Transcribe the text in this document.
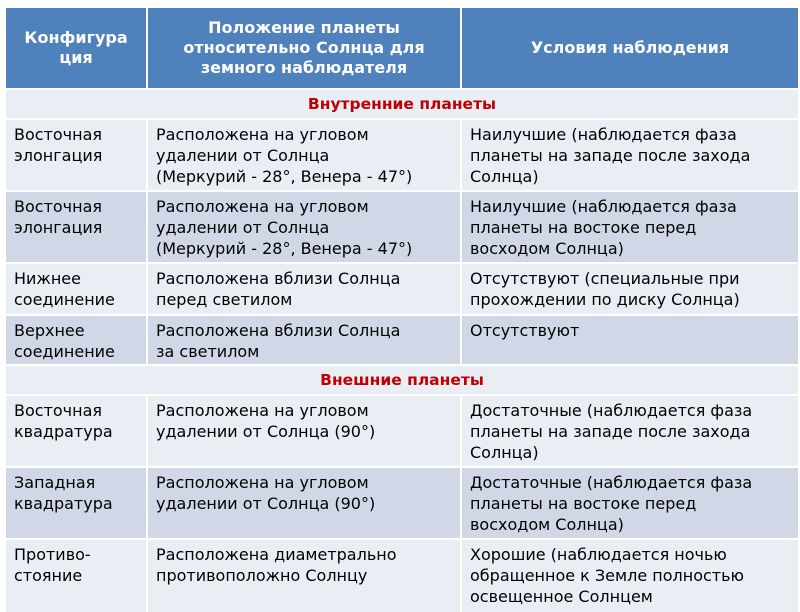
Конфигура
ция
Положение планеты
относительно Солнца для
земного наблюдателя
Условия наблюдения
Внутренние планеты
Восточная
элонгация
Расположена на угловом
удалении от Солнца
(Меркурий - 28°, Венера - 47°)
Наилучшие (наблюдается фаза
планеты на западе после захода
Солнца)
Восточная
элонгация
Расположена на угловом
удалении от Солнца
(Меркурий - 28°, Венера - 47°)
Наилучшие (наблюдается фаза
планеты на востоке перед
восходом Солнца)
Нижнее
соединение
Расположена вблизи Солнца
перед светилом
Отсутствуют (специальные при
прохождении по диску Солнца)
Верхнее
соединение
Расположена вблизи Солнца
за светилом
Отсутствуют
Внешние планеты
Восточная
квадратура
Расположена на угловом
удалении от Солнца (90°)
Достаточные (наблюдается фаза
планеты на западе после захода
Солнца)
Западная
квадратура
Расположена на угловом
удалении от Солнца (90°)
Достаточные (наблюдается фаза
планеты на востоке перед
восходом Солнца)
Противо-
стояние
Расположена диаметрально
противоположно Солнцу
Хорошие (наблюдается ночью
обращенное к Земле полностью
освещенное Солнцем
